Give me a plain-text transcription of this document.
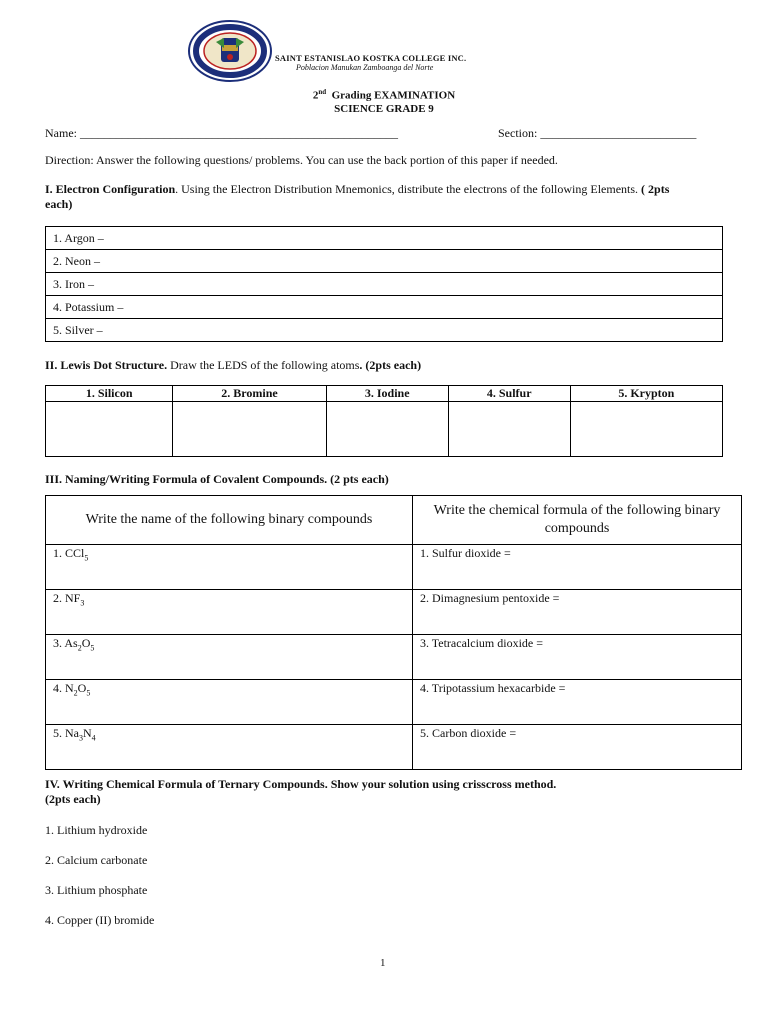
SAINT ESTANISLAO KOSTKA COLLEGE INC.
Poblacion Manukan Zamboanga del Norte
2nd Grading EXAMINATION
SCIENCE GRADE 9
Name: _____________________________________________________	Section: __________________________
Direction: Answer the following questions/ problems. You can use the back portion of this paper if needed.
I. Electron Configuration. Using the Electron Distribution Mnemonics, distribute the electrons of the following Elements. ( 2pts each)
1. Argon –
2. Neon –
3. Iron –
4. Potassium –
5. Silver –
II. Lewis Dot Structure. Draw the LEDS of the following atoms. (2pts each)
1. Silicon	2. Bromine	3. Iodine	4. Sulfur	5. Krypton

III. Naming/Writing Formula of Covalent Compounds. (2 pts each)
Write the name of the following binary compounds	Write the chemical formula of the following binary compounds
1. CCl$_5$	1. Sulfur dioxide =
2. $NF_3$	2. Dimagnesium pentoxide =
3. $As_2O_5$	3. Tetracalcium dioxide =
4. $N_2O_5$	4. Tripotassium hexacarbide =
5. $Na_3N_4$	5. Carbon dioxide =
IV. Writing Chemical Formula of Ternary Compounds. Show your solution using crisscross method.
(2pts each)
1. Lithium hydroxide
2. Calcium carbonate
3. Lithium phosphate
4. Copper (II) bromide
1
